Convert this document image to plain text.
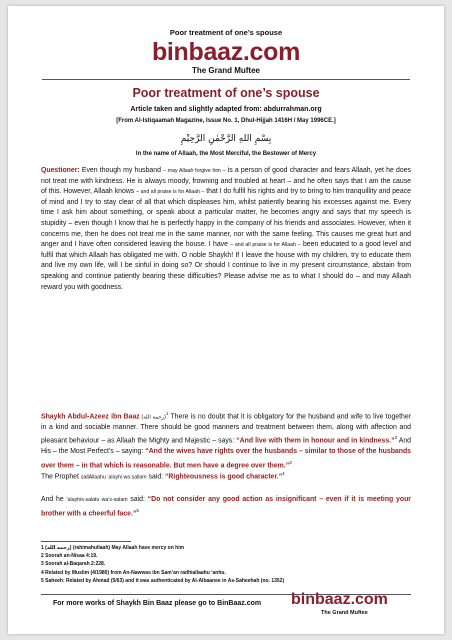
Poor treatment of one’s spouse
binbaaz.com
The Grand Muftee
Poor treatment of one’s spouse
Article taken and slightly adapted from: abdurrahman.org
[From Al-Istiqaamah Magazine, Issue No. 1, Dhul-Hijjah 1416H / May 1996CE.]
بِسْمِ اللهِ الرَّحْمٰنِ الرَّحِيْمِ
In the name of Allaah, the Most Merciful, the Bestower of Mercy
Questioner: Even though my husband – may Allaah forgive him – is a person of good character and fears Allaah, yet he does not treat me with kindness. He is always moody, frowning and troubled at heart – and he often says that I am the cause of this. However, Allaah knows – and all praise is for Allaah – that I do fulfil his rights and try to bring to him tranquillity and peace of mind and I try to stay clear of all that which displeases him, whilst patiently bearing his excesses against me. Every time I ask him about something, or speak about a particular matter, he becomes angry and says that my speech is stupidity – even though I know that he is perfectly happy in the company of his friends and associates. However, when it concerns me, then he does not treat me in the same manner, nor with the same feeling. This causes me great hurt and anger and I have often considered leaving the house. I have – and all praise is for Allaah – been educated to a good level and fulfil that which Allaah has obligated me with. O noble Shaykh! If I leave the house with my children, try to educate them and live my own life, will I be sinful in doing so? Or should I continue to live in my present circumstance, abstain from speaking and continue patiently bearing these difficulties? Please advise me as to what I should do – and may Allaah reward you with goodness.
Shaykh Abdul-Azeez ibn Baaz (رحمه الله)$^1$ There is no doubt that it is obligatory for the husband and wife to live together in a kind and sociable manner. There should be good manners and treatment between them, along with affection and pleasant behaviour – as Allaah the Mighty and Majestic – says: “And live with them in honour and in kindness.”$^2$ And His – the Most Perfect’s – saying: “And the wives have rights over the husbands – similar to those of the husbands over them – in that which is reasonable. But men have a degree over them.”$^3$
The Prophet sallAllaahu ‘alayhi wa sallam said: “Righteousness is good character.”$^4$
And he ‘alayhis-salatu wa’s-salam said: “Do not consider any good action as insignificant – even if it is meeting your brother with a cheerful face.”$^5$
1 (رحمه الله) (rahimahullaah) May Allaah have mercy on him
2 Soorah an-Nisaa 4:19.
3 Soorah al-Baqarah 2:228.
4 Related by Muslim (4/1980) from An-Nawwas ibn Sam’an radhiallaahu ‘anhu.
5 Saheeh: Related by Ahmad (5/63) and it was authenticated by Al-Albaanee in As-Saheehah (no. 1352)
For more works of Shaykh Bin Baaz please go to BinBaaz.com binbaaz.com
The Grand Muftee
